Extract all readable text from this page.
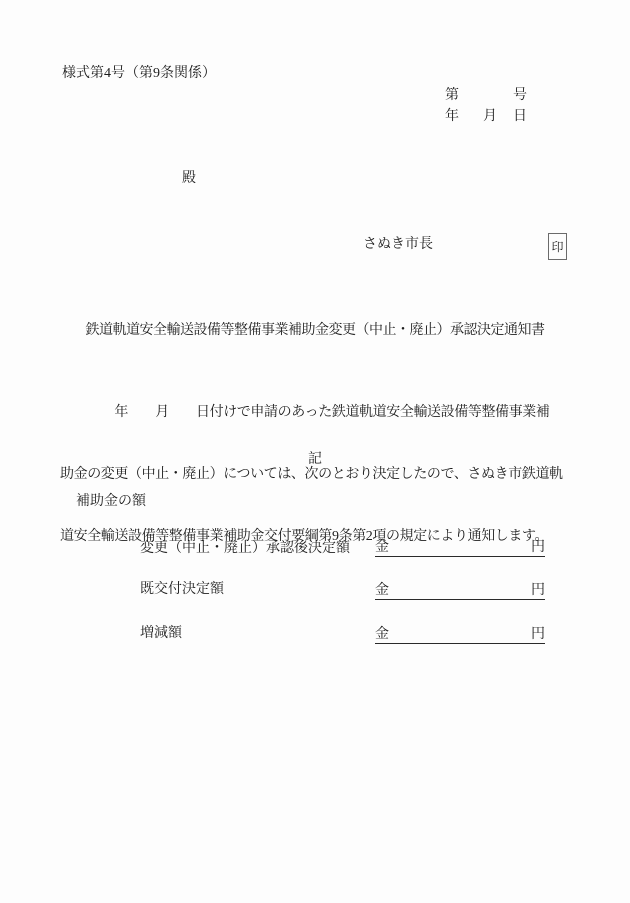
様式第4号（第9条関係）
第	号
年 月 日
殿
さぬき市長	印
鉄道軌道安全輸送設備等整備事業補助金変更（中止・廃止）承認決定通知書

　　　　年　　月　　日付けで申請のあった鉄道軌道安全輸送設備等整備事業補

助金の変更（中止・廃止）については、次のとおり決定したので、さぬき市鉄道軌

道安全輸送設備等整備事業補助金交付要綱第9条第2項の規定により通知します。

記
補助金の額
変更（中止・廃止）承認後決定額 金	円
既交付決定額	金	円
増減額	金	円
